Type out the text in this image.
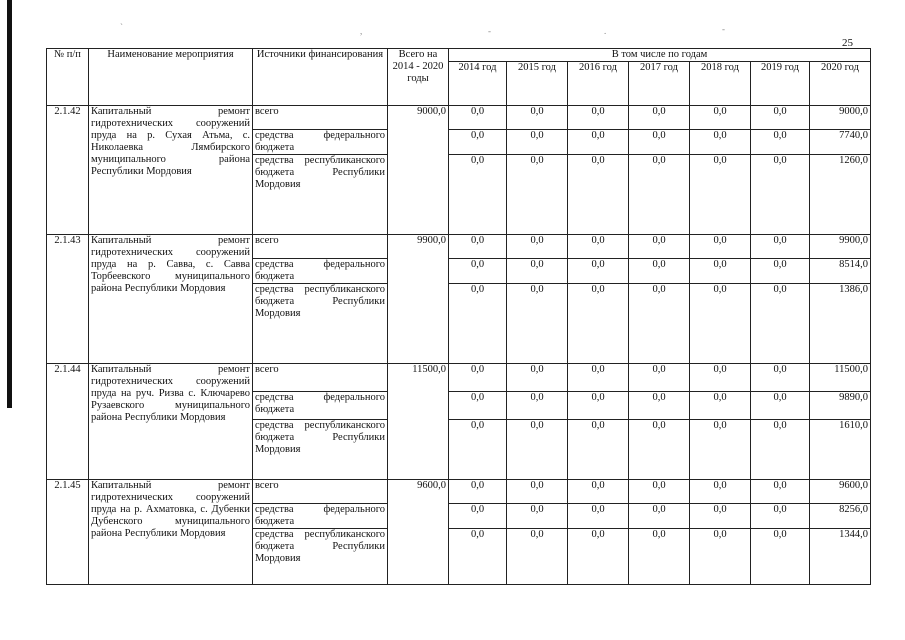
25
№ п/п	Наименование мероприятия	Источники финансирования	Всего на 2014 - 2020 годы	В том числе по годам						
				2014 год	2015 год	2016 год	2017 год	2018 год	2019 год	2020 год
2.1.42	Капитальный ремонт гидротехнических сооружений пруда на р. Сухая Атьма, с. Николаевка Лямбирского муниципального района Республики Мордовия	всего	9000,0	0,0	0,0	0,0	0,0	0,0	0,0	9000,0
		средства федерального бюджета		0,0	0,0	0,0	0,0	0,0	0,0	7740,0
		средства республиканского бюджета Республики Мордовия		0,0	0,0	0,0	0,0	0,0	0,0	1260,0
2.1.43	Капитальный ремонт гидротехнических сооружений пруда на р. Савва, с. Савва Торбеевского муниципального района Республики Мордовия	всего	9900,0	0,0	0,0	0,0	0,0	0,0	0,0	9900,0
		средства федерального бюджета		0,0	0,0	0,0	0,0	0,0	0,0	8514,0
		средства республиканского бюджета Республики Мордовия		0,0	0,0	0,0	0,0	0,0	0,0	1386,0
2.1.44	Капитальный ремонт гидротехнических сооружений пруда на руч. Ризва с. Ключарево Рузаевского муниципального района Республики Мордовия	всего	11500,0	0,0	0,0	0,0	0,0	0,0	0,0	11500,0
		средства федерального бюджета		0,0	0,0	0,0	0,0	0,0	0,0	9890,0
		средства республиканского бюджета Республики Мордовия		0,0	0,0	0,0	0,0	0,0	0,0	1610,0
2.1.45	Капитальный ремонт гидротехнических сооружений пруда на р. Ахматовка, с. Дубенки Дубенского муниципального района Республики Мордовия	всего	9600,0	0,0	0,0	0,0	0,0	0,0	0,0	9600,0
		средства федерального бюджета		0,0	0,0	0,0	0,0	0,0	0,0	8256,0
		средства республиканского бюджета Республики Мордовия		0,0	0,0	0,0	0,0	0,0	0,0	1344,0
`	,	-	.	-
